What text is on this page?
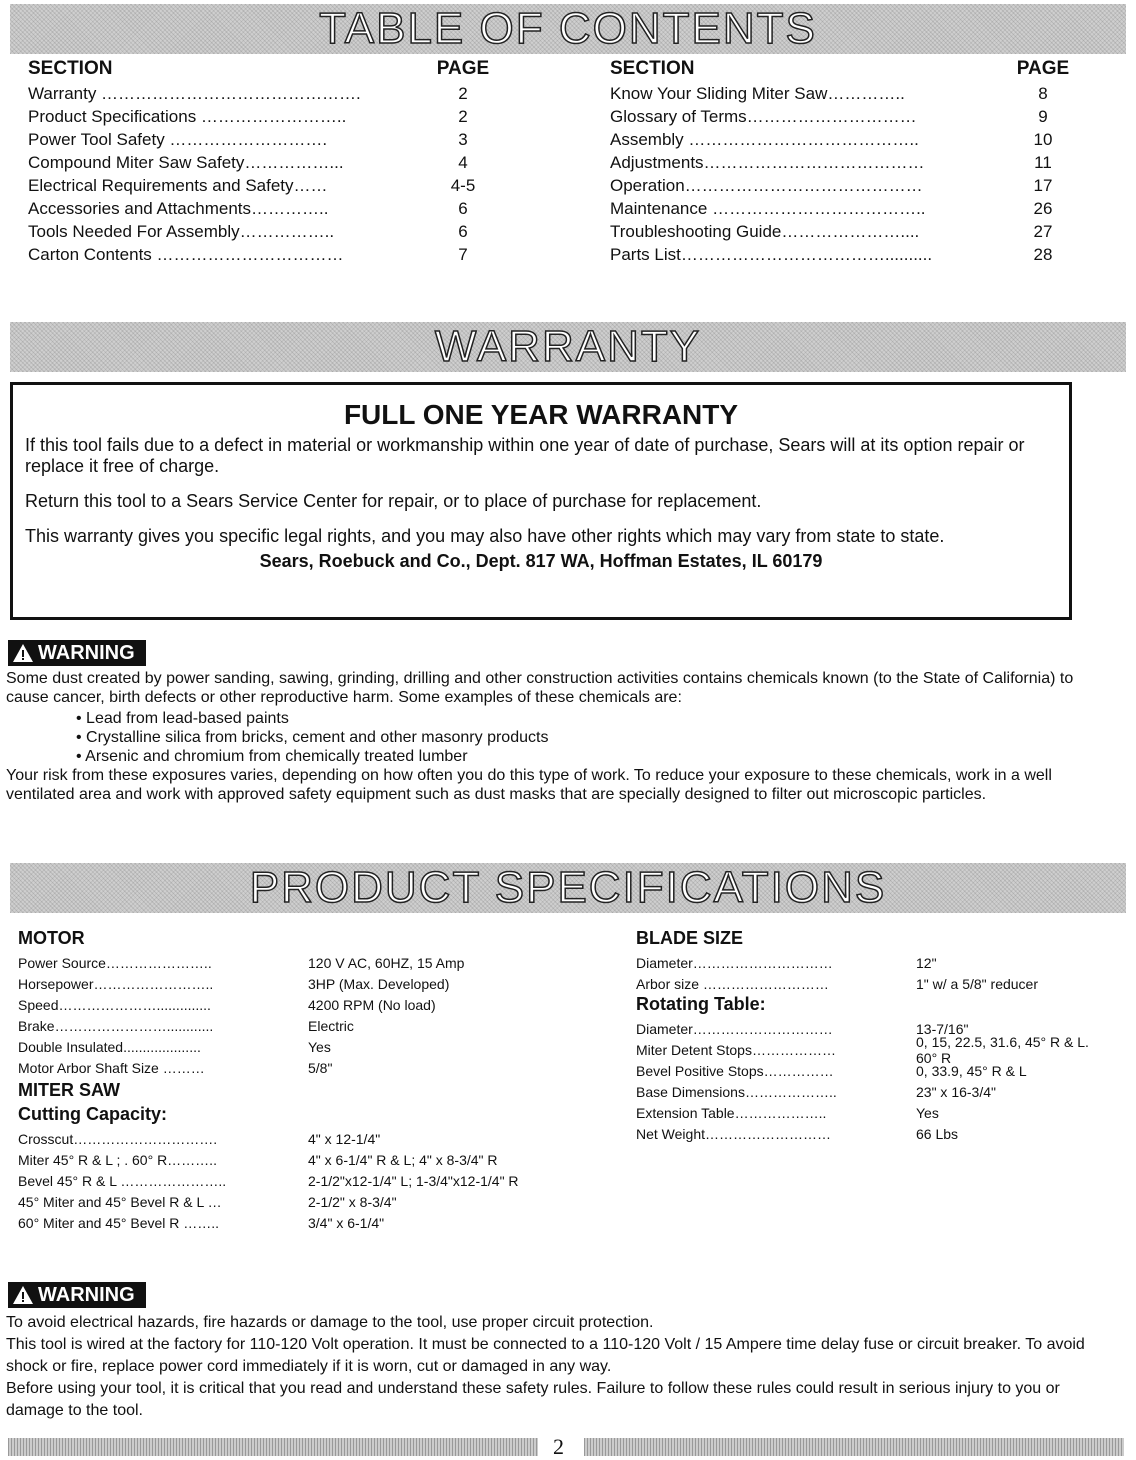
TABLE OF CONTENTS
SECTION	PAGE
Warranty ……………………………………….	2
Product Specifications ……………………..	2
Power Tool Safety ……………………….	3
Compound Miter Saw Safety……………...	4
Electrical Requirements and Safety……	4-5
Accessories and Attachments…………..	6
Tools Needed For Assembly……………..	6
Carton Contents ……………………………	7
SECTION	PAGE
Know Your Sliding Miter Saw…………..	8
Glossary of Terms…………………………	9
Assembly …………………………………..	10
Adjustments…………………………………	11
Operation……………………………………	17
Maintenance ………………………………..	26
Troubleshooting Guide…………………....	27
Parts List………………………………..........	28
WARRANTY
FULL ONE YEAR WARRANTY

If this tool fails due to a defect in material or workmanship within one year of date of purchase, Sears will at its option repair or replace it free of charge.

Return this tool to a Sears Service Center for repair, or to place of purchase for replacement.

This warranty gives you specific legal rights, and you may also have other rights which may vary from state to state.

Sears, Roebuck and Co., Dept. 817 WA, Hoffman Estates, IL 60179
WARNING
Some dust created by power sanding, sawing, grinding, drilling and other construction activities contains chemicals known (to the State of California) to cause cancer, birth defects or other reproductive harm. Some examples of these chemicals are:
• Lead from lead-based paints
• Crystalline silica from bricks, cement and other masonry products
• Arsenic and chromium from chemically treated lumber
Your risk from these exposures varies, depending on how often you do this type of work. To reduce your exposure to these chemicals, work in a well ventilated area and work with approved safety equipment such as dust masks that are specially designed to filter out microscopic particles.
PRODUCT SPECIFICATIONS
MOTOR
Power Source…………………..	120 V AC, 60HZ, 15 Amp
Horsepower……………………..	3HP (Max. Developed)
Speed…………………..............	4200 RPM (No load)
Brake……………………............	Electric
Double Insulated....................	Yes
Motor Arbor Shaft Size ………	5/8"
MITER SAW
Cutting Capacity:
Crosscut………………………….	4" x 12-1/4"
Miter 45° R & L ; . 60° R………..	4" x 6-1/4" R & L; 4" x 8-3/4" R
Bevel 45° R & L …………………..	2-1/2"x12-1/4" L; 1-3/4"x12-1/4" R
45° Miter and 45° Bevel R & L …	2-1/2" x 8-3/4"
60° Miter and 45° Bevel R ……..	3/4" x 6-1/4"
BLADE SIZE
Diameter…………………………	12"
Arbor size ………………………	1" w/ a 5/8" reducer
Rotating Table:
Diameter…………………………	13-7/16"
Miter Detent Stops………………	0, 15, 22.5, 31.6, 45° R & L. 60° R
Bevel Positive Stops……………	0, 33.9, 45° R & L
Base Dimensions………………..	23" x 16-3/4"
Extension Table………………..	Yes
Net Weight………………………	66 Lbs
WARNING
To avoid electrical hazards, fire hazards or damage to the tool, use proper circuit protection.
This tool is wired at the factory for 110-120 Volt operation. It must be connected to a 110-120 Volt / 15 Ampere time delay fuse or circuit breaker. To avoid shock or fire, replace power cord immediately if it is worn, cut or damaged in any way.
Before using your tool, it is critical that you read and understand these safety rules. Failure to follow these rules could result in serious injury to you or damage to the tool.
2
